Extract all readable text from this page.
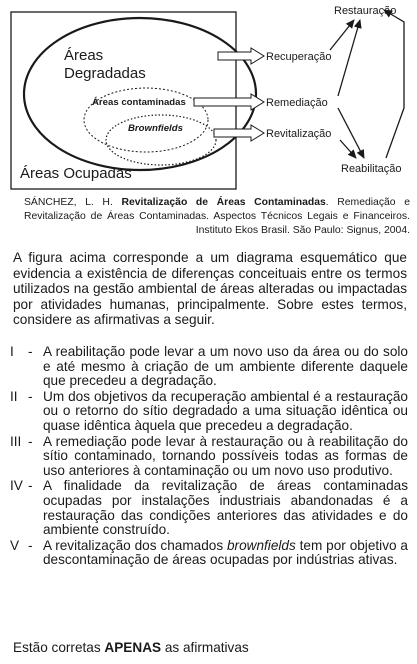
Áreas
Degradadas
Áreas contaminadas
Brownfields
Áreas Ocupadas
Recuperação
Remediação
Revitalização
Restauração
Reabilitação
SÁNCHEZ, L. H. Revitalização de Áreas Contaminadas. Remediação e Revitalização de Áreas Contaminadas. Aspectos Técnicos Legais e Financeiros. Instituto Ekos Brasil. São Paulo: Signus, 2004.
A figura acima corresponde a um diagrama esquemático que evidencia a existência de diferenças conceituais entre os termos utilizados na gestão ambiental de áreas alteradas ou impactadas por atividades humanas, principalmente. Sobre estes termos, considere as afirmativas a seguir.
I	- A reabilitação pode levar a um novo uso da área ou do solo e até mesmo à criação de um ambiente diferente daquele que precedeu a degradação.
II - Um dos objetivos da recuperação ambiental é a restauração ou o retorno do sítio degradado a uma situação idêntica ou quase idêntica àquela que precedeu a degradação.
III - A remediação pode levar à restauração ou à reabilitação do sítio contaminado, tornando possíveis todas as formas de uso anteriores à contaminação ou um novo uso produtivo.
IV - A finalidade da revitalização de áreas contaminadas ocupadas por instalações industriais abandonadas é a restauração das condições anteriores das atividades e do ambiente construído.
V - A revitalização dos chamados brownfields tem por objetivo a descontaminação de áreas ocupadas por indústrias ativas.
Estão corretas APENAS as afirmativas
